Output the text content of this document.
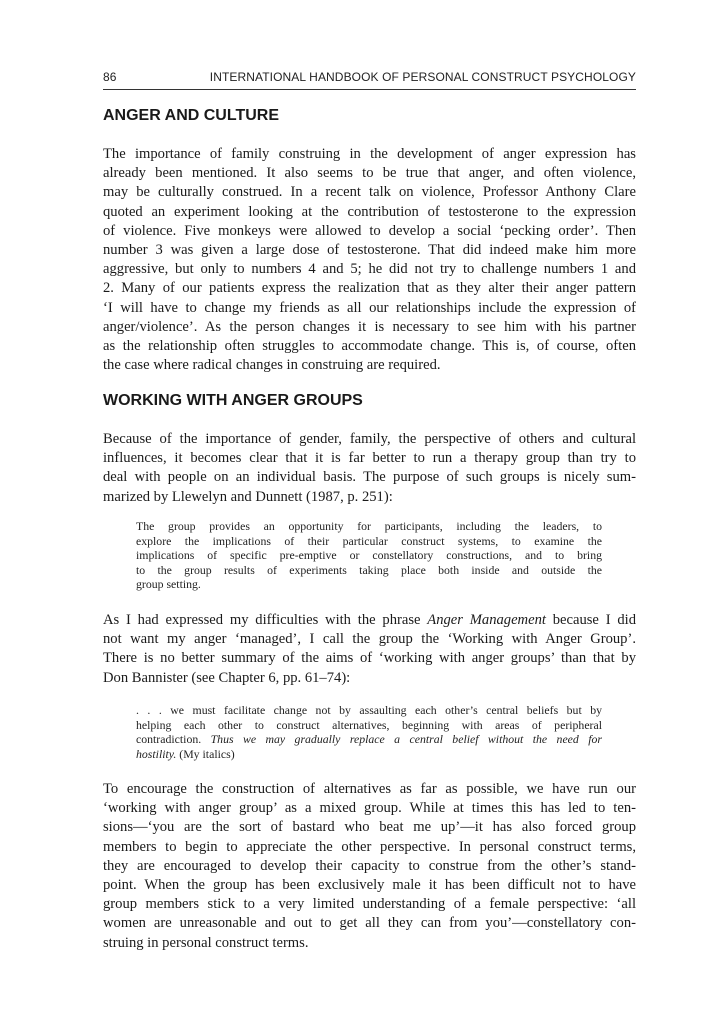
86	INTERNATIONAL HANDBOOK OF PERSONAL CONSTRUCT PSYCHOLOGY
ANGER AND CULTURE

The importance of family construing in the development of anger expression has
already been mentioned. It also seems to be true that anger, and often violence,
may be culturally construed. In a recent talk on violence, Professor Anthony Clare
quoted an experiment looking at the contribution of testosterone to the expression
of violence. Five monkeys were allowed to develop a social ‘pecking order’. Then
number 3 was given a large dose of testosterone. That did indeed make him more
aggressive, but only to numbers 4 and 5; he did not try to challenge numbers 1 and
2. Many of our patients express the realization that as they alter their anger pattern
‘I will have to change my friends as all our relationships include the expression of
anger/violence’. As the person changes it is necessary to see him with his partner
as the relationship often struggles to accommodate change. This is, of course, often
the case where radical changes in construing are required.

WORKING WITH ANGER GROUPS

Because of the importance of gender, family, the perspective of others and cultural
influences, it becomes clear that it is far better to run a therapy group than try to
deal with people on an individual basis. The purpose of such groups is nicely sum-
marized by Llewelyn and Dunnett (1987, p. 251):

The group provides an opportunity for participants, including the leaders, to
explore the implications of their particular construct systems, to examine the
implications of specific pre-emptive or constellatory constructions, and to bring
to the group results of experiments taking place both inside and outside the
group setting.

As I had expressed my difficulties with the phrase Anger Management because I did
not want my anger ‘managed’, I call the group the ‘Working with Anger Group’.
There is no better summary of the aims of ‘working with anger groups’ than that by
Don Bannister (see Chapter 6, pp. 61–74):

. . . we must facilitate change not by assaulting each other’s central beliefs but by
helping each other to construct alternatives, beginning with areas of peripheral
contradiction. Thus we may gradually replace a central belief without the need for
hostility. (My italics)

To encourage the construction of alternatives as far as possible, we have run our
‘working with anger group’ as a mixed group. While at times this has led to ten-
sions—‘you are the sort of bastard who beat me up’—it has also forced group
members to begin to appreciate the other perspective. In personal construct terms,
they are encouraged to develop their capacity to construe from the other’s stand-
point. When the group has been exclusively male it has been difficult not to have
group members stick to a very limited understanding of a female perspective: ‘all
women are unreasonable and out to get all they can from you’—constellatory con-
struing in personal construct terms.
